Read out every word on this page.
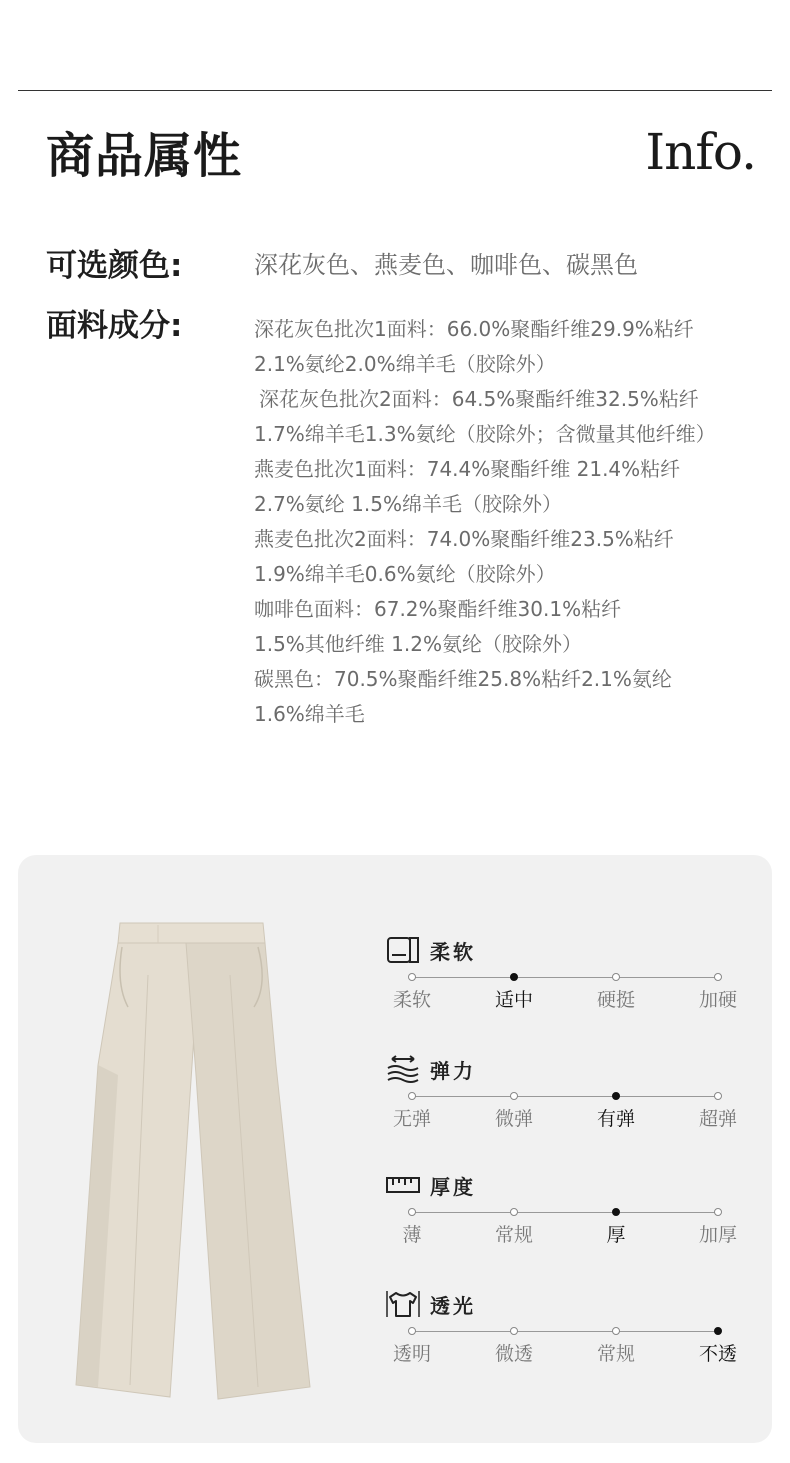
商品属性	Info.
可选颜色:	深花灰色、燕麦色、咖啡色、碳黑色
面料成分:	深花灰色批次1面料：66.0%聚酯纤维29.9%粘纤
2.1%氨纶2.0%绵羊毛（胶除外）
深花灰色批次2面料：64.5%聚酯纤维32.5%粘纤
1.7%绵羊毛1.3%氨纶（胶除外；含微量其他纤维）
燕麦色批次1面料：74.4%聚酯纤维 21.4%粘纤
2.7%氨纶 1.5%绵羊毛（胶除外）
燕麦色批次2面料：74.0%聚酯纤维23.5%粘纤
1.9%绵羊毛0.6%氨纶（胶除外）
咖啡色面料：67.2%聚酯纤维30.1%粘纤
1.5%其他纤维 1.2%氨纶（胶除外）
碳黑色：70.5%聚酯纤维25.8%粘纤2.1%氨纶
1.6%绵羊毛
柔软
柔软	适中	硬挺	加硬
弹力
无弹	微弹	有弹	超弹
厚度
薄	常规	厚	加厚
透光
透明	微透	常规	不透
